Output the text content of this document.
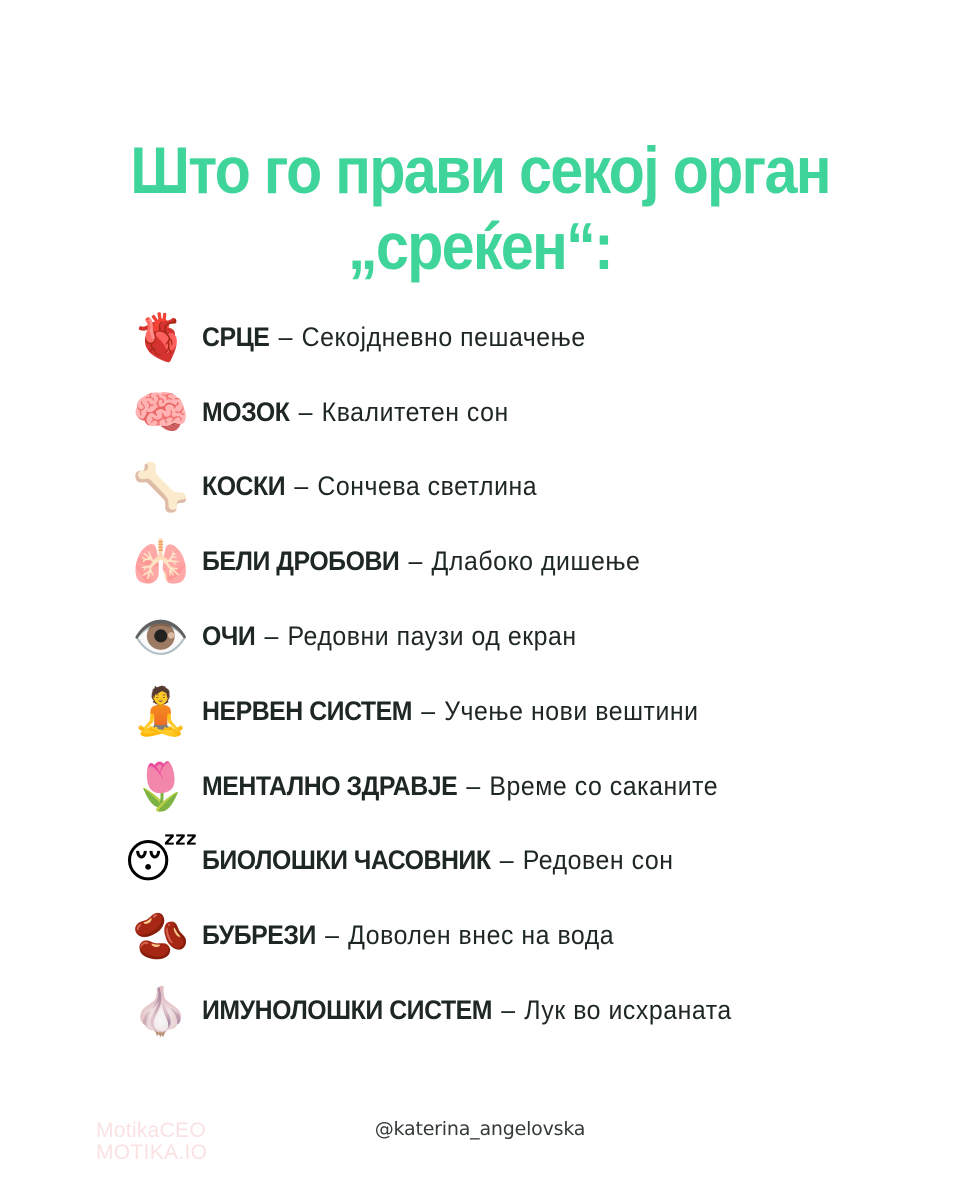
Што го прави секој орган
„среќен“:
🫀 СРЦЕ – Секојдневно пешачење
🧠 МОЗОК – Квалитетен сон
🦴 КОСКИ – Сончева светлина
🫁 БЕЛИ ДРОБОВИ – Длабоко дишење
👁️ ОЧИ – Редовни паузи од екран
🧘 НЕРВЕН СИСТЕМ – Учење нови вештини
🌷 МЕНТАЛНО ЗДРАВЈЕ – Време со саканите
😴 БИОЛОШКИ ЧАСОВНИК – Редовен сон
🫘 БУБРЕЗИ – Доволен внес на вода
🧄 ИМУНОЛОШКИ СИСТЕМ – Лук во исхраната
MotikaCEO
MOTIKA.IO
@katerina_angelovska
